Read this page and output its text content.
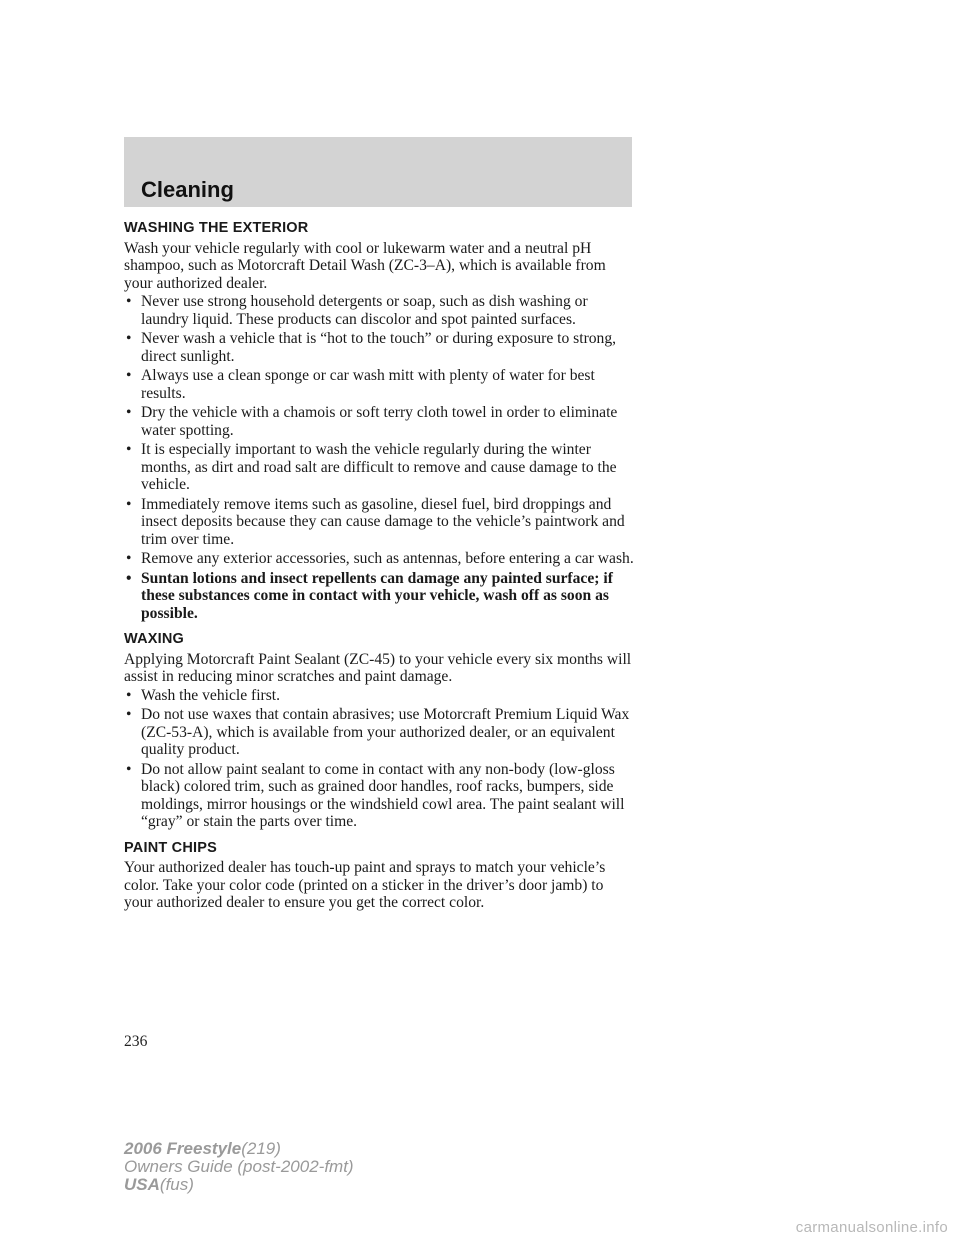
Cleaning
WASHING THE EXTERIOR

Wash your vehicle regularly with cool or lukewarm water and a neutral pH shampoo, such as Motorcraft Detail Wash (ZC-3–A), which is available from your authorized dealer.

• Never use strong household detergents or soap, such as dish washing or laundry liquid. These products can discolor and spot painted surfaces.
• Never wash a vehicle that is “hot to the touch” or during exposure to strong, direct sunlight.
• Always use a clean sponge or car wash mitt with plenty of water for best results.
• Dry the vehicle with a chamois or soft terry cloth towel in order to eliminate water spotting.
• It is especially important to wash the vehicle regularly during the winter months, as dirt and road salt are difficult to remove and cause damage to the vehicle.
• Immediately remove items such as gasoline, diesel fuel, bird droppings and insect deposits because they can cause damage to the vehicle’s paintwork and trim over time.
• Remove any exterior accessories, such as antennas, before entering a car wash.
• Suntan lotions and insect repellents can damage any painted surface; if these substances come in contact with your vehicle, wash off as soon as possible.
WAXING

Applying Motorcraft Paint Sealant (ZC-45) to your vehicle every six months will assist in reducing minor scratches and paint damage.

• Wash the vehicle first.
• Do not use waxes that contain abrasives; use Motorcraft Premium Liquid Wax (ZC-53-A), which is available from your authorized dealer, or an equivalent quality product.
• Do not allow paint sealant to come in contact with any non-body (low-gloss black) colored trim, such as grained door handles, roof racks, bumpers, side moldings, mirror housings or the windshield cowl area. The paint sealant will “gray” or stain the parts over time.
PAINT CHIPS

Your authorized dealer has touch-up paint and sprays to match your vehicle’s color. Take your color code (printed on a sticker in the driver’s door jamb) to your authorized dealer to ensure you get the correct color.

236
2006 Freestyle(219)
Owners Guide (post-2002-fmt)
USA(fus)
carmanualsonline.info
